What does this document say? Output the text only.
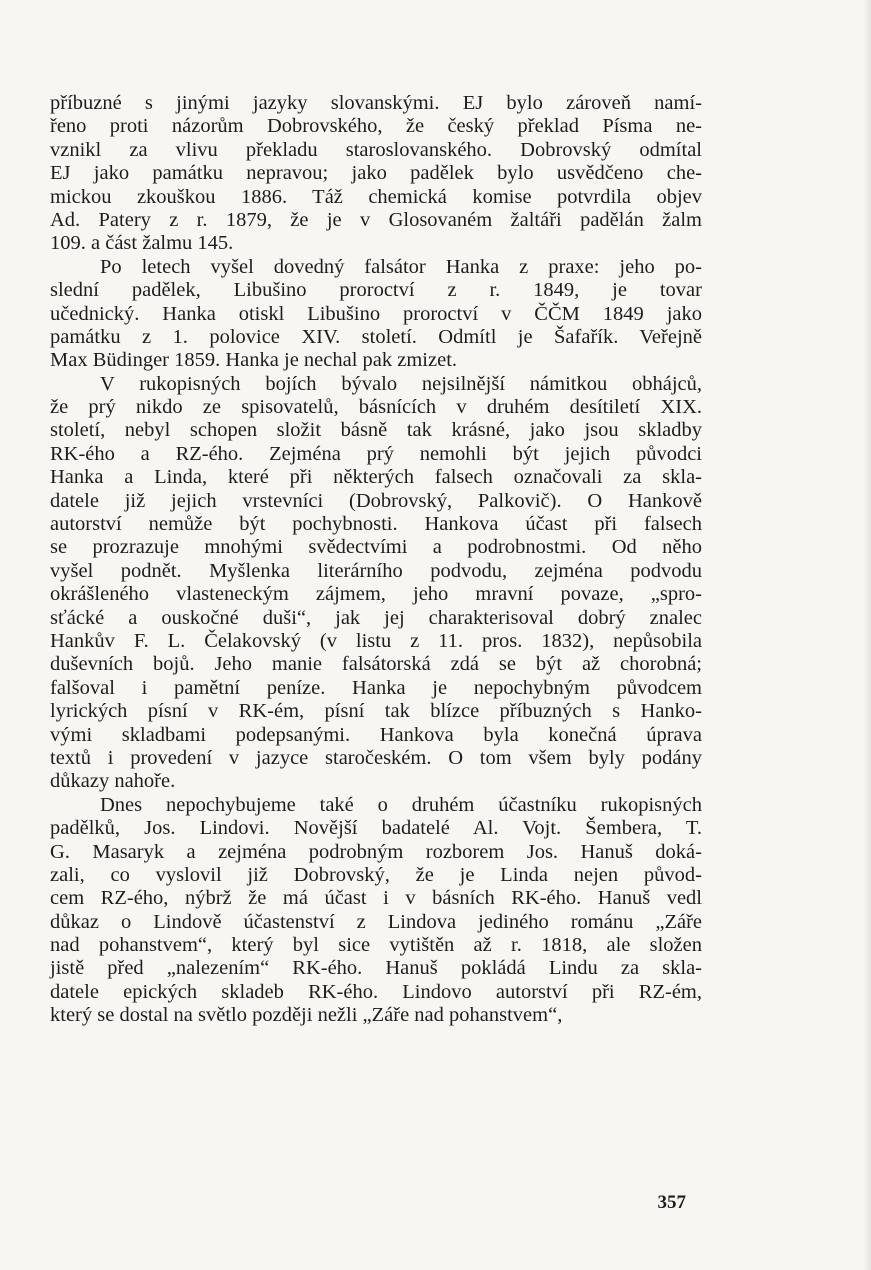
příbuzné s jinými jazyky slovanskými. EJ bylo zároveň namí-
řeno proti názorům Dobrovského, že český překlad Písma ne-
vznikl za vlivu překladu staroslovanského. Dobrovský odmítal
EJ jako památku nepravou; jako padělek bylo usvědčeno che-
mickou zkouškou 1886. Táž chemická komise potvrdila objev
Ad. Patery z r. 1879, že je v Glosovaném žaltáři padělán žalm
109. a část žalmu 145.
Po letech vyšel dovedný falsátor Hanka z praxe: jeho po-
slední padělek, Libušino proroctví z r. 1849, je tovar
učednický. Hanka otiskl Libušino proroctví v ČČM 1849 jako
památku z 1. polovice XIV. století. Odmítl je Šafařík. Veřejně
Max Büdinger 1859. Hanka je nechal pak zmizet.
V rukopisných bojích bývalo nejsilnější námitkou obhájců,
že prý nikdo ze spisovatelů, básnících v druhém desítiletí XIX.
století, nebyl schopen složit básně tak krásné, jako jsou skladby
RK-ého a RZ-ého. Zejména prý nemohli být jejich původci
Hanka a Linda, které při některých falsech označovali za skla-
datele již jejich vrstevníci (Dobrovský, Palkovič). O Hankově
autorství nemůže být pochybnosti. Hankova účast při falsech
se prozrazuje mnohými svědectvími a podrobnostmi. Od něho
vyšel podnět. Myšlenka literárního podvodu, zejména podvodu
okrášleného vlasteneckým zájmem, jeho mravní povaze, „spro-
sťácké a ouskočné duši“, jak jej charakterisoval dobrý znalec
Hankův F. L. Čelakovský (v listu z 11. pros. 1832), nepůsobila
duševních bojů. Jeho manie falsátorská zdá se být až chorobná;
falšoval i pamětní peníze. Hanka je nepochybným původcem
lyrických písní v RK-ém, písní tak blízce příbuzných s Hanko-
vými skladbami podepsanými. Hankova byla konečná úprava
textů i provedení v jazyce staročeském. O tom všem byly podány
důkazy nahoře.
Dnes nepochybujeme také o druhém účastníku rukopisných
padělků, Jos. Lindovi. Novější badatelé Al. Vojt. Šembera, T.
G. Masaryk a zejména podrobným rozborem Jos. Hanuš doká-
zali, co vyslovil již Dobrovský, že je Linda nejen původ-
cem RZ-ého, nýbrž že má účast i v básních RK-ého. Hanuš vedl
důkaz o Lindově účastenství z Lindova jediného románu „Záře
nad pohanstvem“, který byl sice vytištěn až r. 1818, ale složen
jistě před „nalezením“ RK-ého. Hanuš pokládá Lindu za skla-
datele epických skladeb RK-ého. Lindovo autorství při RZ-ém,
který se dostal na světlo později nežli „Záře nad pohanstvem“,
357
